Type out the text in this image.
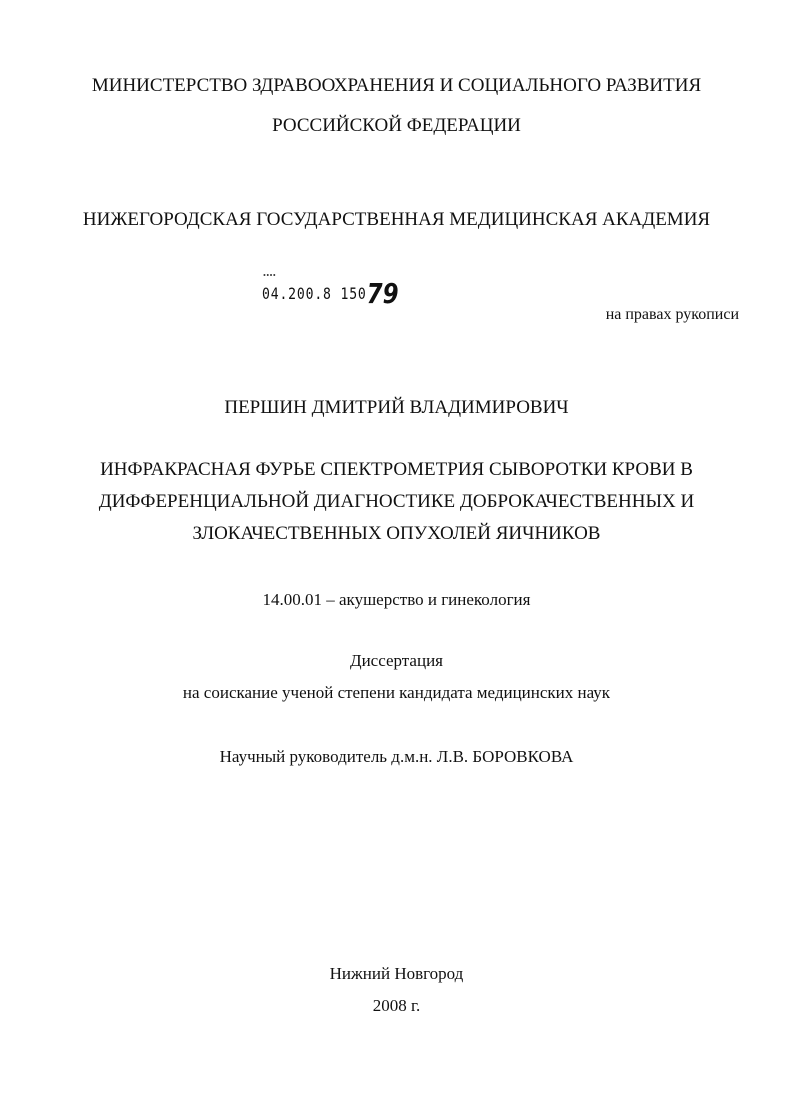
МИНИСТЕРСТВО ЗДРАВООХРАНЕНИЯ И СОЦИАЛЬНОГО РАЗВИТИЯ
РОССИЙСКОЙ ФЕДЕРАЦИИ
НИЖЕГОРОДСКАЯ ГОСУДАРСТВЕННАЯ МЕДИЦИНСКАЯ АКАДЕМИЯ
04.200.8 15079
на правах рукописи
ПЕРШИН ДМИТРИЙ ВЛАДИМИРОВИЧ
ИНФРАКРАСНАЯ ФУРЬЕ СПЕКТРОМЕТРИЯ СЫВОРОТКИ КРОВИ В
ДИФФЕРЕНЦИАЛЬНОЙ ДИАГНОСТИКЕ ДОБРОКАЧЕСТВЕННЫХ И
ЗЛОКАЧЕСТВЕННЫХ ОПУХОЛЕЙ ЯИЧНИКОВ
14.00.01 – акушерство и гинекология
Диссертация
на соискание ученой степени кандидата медицинских наук
Научный руководитель д.м.н. Л.В. БОРОВКОВА
Нижний Новгород
2008 г.
